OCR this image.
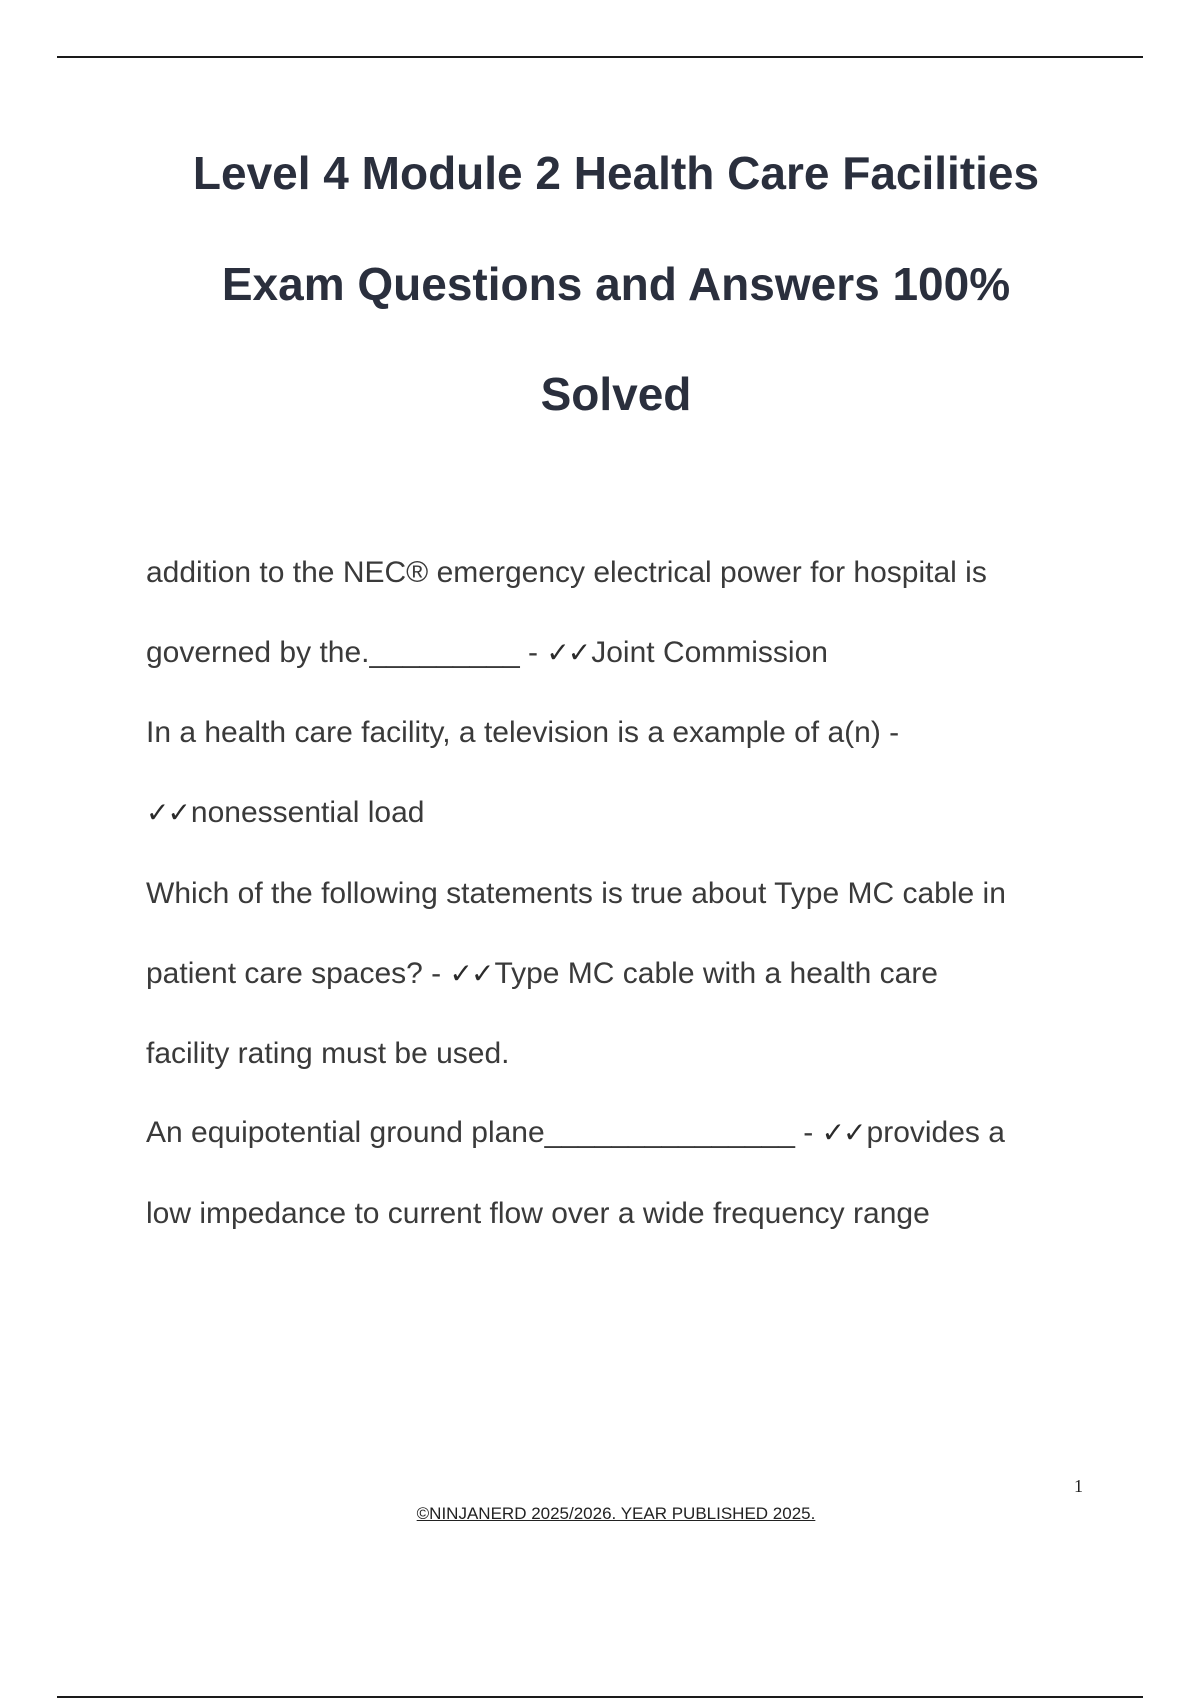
Level 4 Module 2 Health Care Facilities
Exam Questions and Answers 100%
Solved

addition to the NEC® emergency electrical power for hospital is

governed by the._________ - ✓✓Joint Commission

In a health care facility, a television is a example of a(n) -

✓✓nonessential load

Which of the following statements is true about Type MC cable in

patient care spaces? - ✓✓Type MC cable with a health care

facility rating must be used.

An equipotential ground plane_______________ - ✓✓provides a

low impedance to current flow over a wide frequency range

1
©NINJANERD 2025/2026. YEAR PUBLISHED 2025.
